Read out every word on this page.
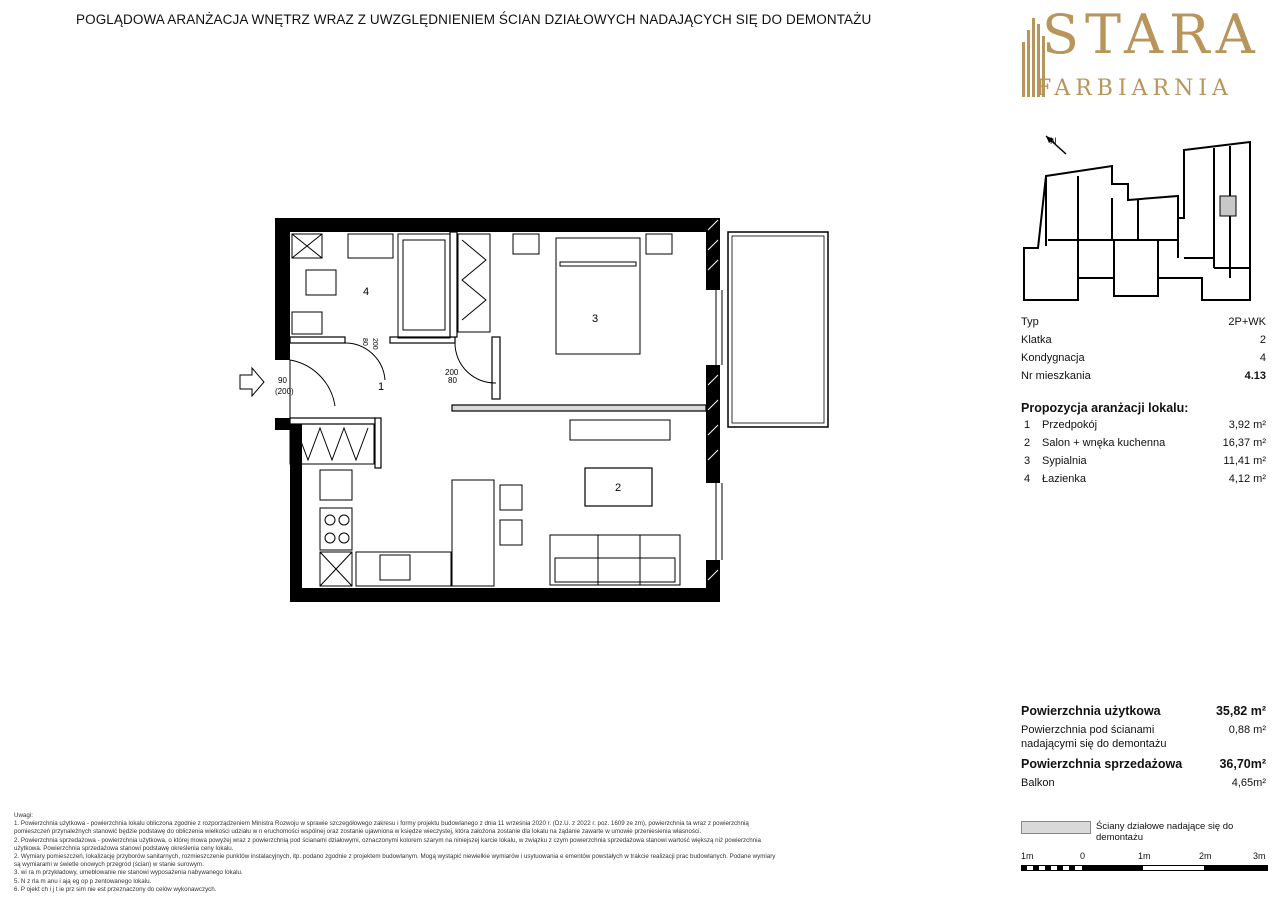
POGLĄDOWA ARANŻACJA WNĘTRZ WRAZ Z UWZGLĘDNIENIEM ŚCIAN DZIAŁOWYCH NADAJĄCYCH SIĘ DO DEMONTAŻU	STARA
FARBIARNIA
N
Typ	2P+WK
Klatka	2
Kondygnacja	4
Nr mieszkania	4.13
Propozycja aranżacji lokalu:
1 Przedpokój	3,92 m²
2 Salon + wnęka kuchenna	16,37 m²
3 Sypialnia	11,41 m²
4 Łazienka	4,12 m²
Powierzchnia użytkowa	35,82 m²
Powierzchnia pod ścianami
nadającymi się do demontażu
0,88 m²
Powierzchnia sprzedażowa	36,70m²
Balkon	4,65m²
Ściany działowe nadające się do demontażu
1m	0	1m	2m	3m
Uwagi:
1. Powierzchnia użytkowa - powierzchnia lokalu obliczona zgodnie z rozporządzeniem Ministra Rozwoju w sprawie szczegółowego zakresu i formy projektu budowlanego z dnia 11 września 2020 r. (Dz.U. z 2022 r. poz. 1609 ze zm), powierzchnia ta wraz z powierzchnią
pomieszczeń przynależnych stanowić będzie podstawę do obliczenia wielkości udziału w n eruchomości wspólnej oraz zostanie ujawniona w księdze wieczystej, która założona zostanie dla lokalu na żądanie zawarte w umowie przeniesienia własności.
2. Powierzchnia sprzedażowa - powierzchnia użytkowa, o której mowa powyżej wraz z powierzchnią pod ścianami działowymi, oznaczonymi kolorem szarym na niniejszej karcie lokalu, w związku z czym powierzchnia sprzedażowa stanowi wartość większą niż powierzchnia
użytkowa. Powierzchnia sprzedażowa stanowi podstawę określenia ceny lokalu.
2. Wymiary pomieszczeń, lokalizację przyborów sanitarnych, rozmieszczenie punktów instalacyjnych, itp. podano zgodnie z projektem budowlanym. Mogą wystąpić niewielkie wymiarów i usytuowania e ementów powstałych w trakcie realizacji prac budowlanych. Podane wymiary
są wymiarami w świetle onowych przegród (ścian) w stanie surowym.
3. wi ra m przykładowy, umeblowanie nie stanowi wyposażenia nabywanego lokalu.
5. N z rla m anu i ają eg op p zentowanego lokalu.
6. P ojekt ch i j t ie prz sim nie est przeznaczony do celów wykonawczych.
4
3
1
2
90
(200)
200
80
200
80
